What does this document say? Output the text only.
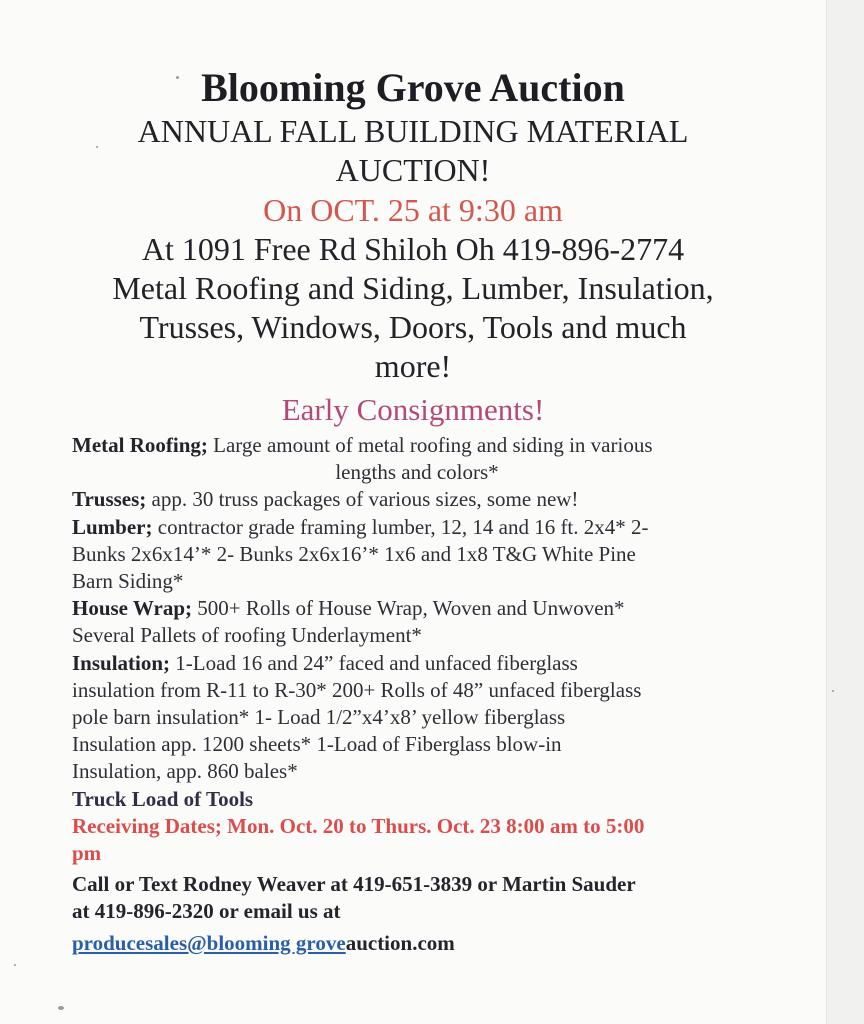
Blooming Grove Auction
ANNUAL FALL BUILDING MATERIAL
AUCTION!
On OCT. 25 at 9:30 am
At 1091 Free Rd Shiloh Oh 419-896-2774
Metal Roofing and Siding, Lumber, Insulation,
Trusses, Windows, Doors, Tools and much
more!
Early Consignments!

Metal Roofing; Large amount of metal roofing and siding in various

lengths and colors*

Trusses; app. 30 truss packages of various sizes, some new!

Lumber; contractor grade framing lumber, 12, 14 and 16 ft. 2x4* 2-

Bunks 2x6x14’* 2- Bunks 2x6x16’* 1x6 and 1x8 T&G White Pine

Barn Siding*

House Wrap; 500+ Rolls of House Wrap, Woven and Unwoven*

Several Pallets of roofing Underlayment*

Insulation; 1-Load 16 and 24” faced and unfaced fiberglass

insulation from R-11 to R-30* 200+ Rolls of 48” unfaced fiberglass

pole barn insulation* 1- Load 1/2”x4’x8’ yellow fiberglass

Insulation app. 1200 sheets* 1-Load of Fiberglass blow-in

Insulation, app. 860 bales*

Truck Load of Tools

Receiving Dates; Mon. Oct. 20 to Thurs. Oct. 23 8:00 am to 5:00

pm

Call or Text Rodney Weaver at 419-651-3839 or Martin Sauder

at 419-896-2320 or email us at

producesales@blooming groveauction.com
